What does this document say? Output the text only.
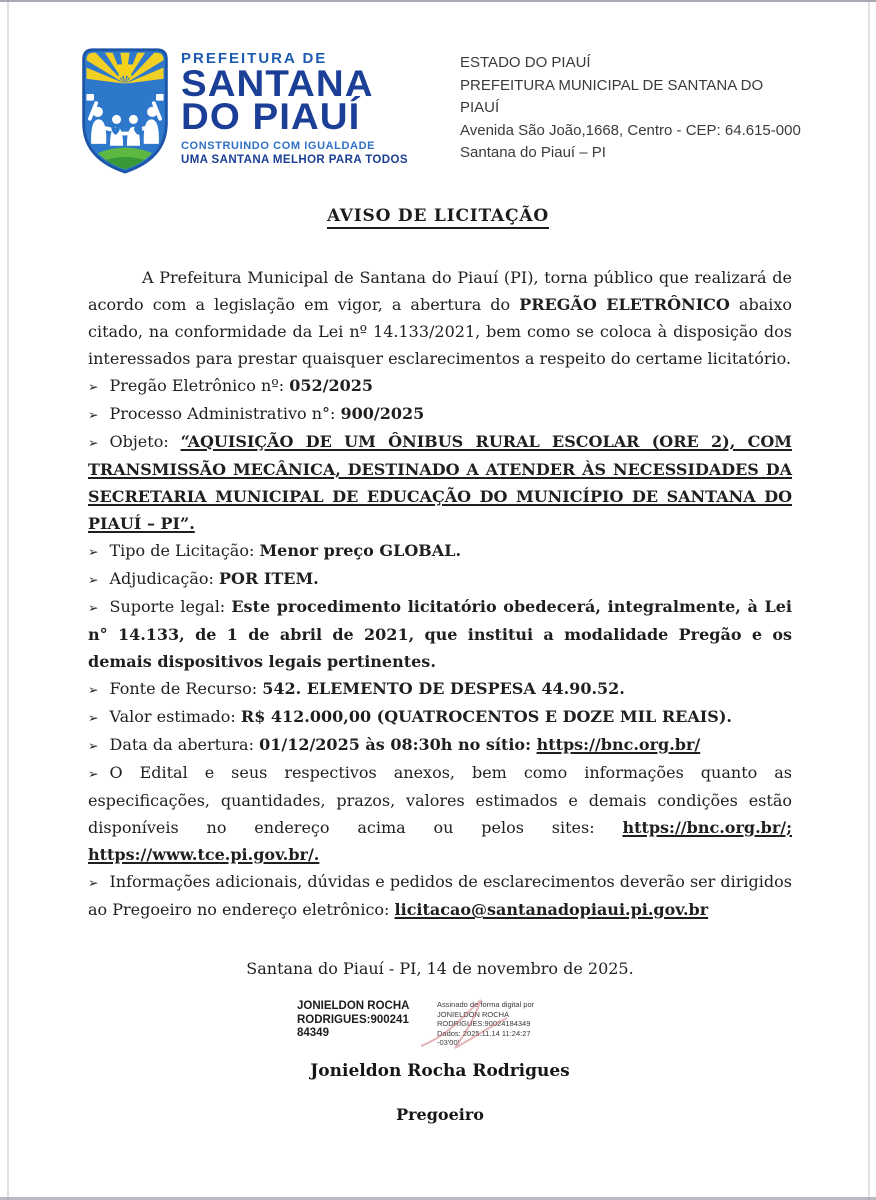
PREFEITURA DE
SANTANA
DO PIAUÍ
CONSTRUINDO COM IGUALDADE
UMA SANTANA MELHOR PARA TODOS
ESTADO DO PIAUÍ
PREFEITURA MUNICIPAL DE SANTANA DO PIAUÍ
Avenida São João,1668, Centro - CEP: 64.615-000
Santana do Piauí – PI
AVISO DE LICITAÇÃO

A Prefeitura Municipal de Santana do Piauí (PI), torna público que realizará de acordo com a legislação em vigor, a abertura do PREGÃO ELETRÔNICO abaixo citado, na conformidade da Lei nº 14.133/2021, bem como se coloca à disposição dos interessados para prestar quaisquer esclarecimentos a respeito do certame licitatório.

➢ Pregão Eletrônico nº: 052/2025

➢ Processo Administrativo n°: 900/2025

➢ Objeto: “AQUISIÇÃO DE UM ÔNIBUS RURAL ESCOLAR (ORE 2), COM TRANSMISSÃO MECÂNICA, DESTINADO A ATENDER ÀS NECESSIDADES DA SECRETARIA MUNICIPAL DE EDUCAÇÃO DO MUNICÍPIO DE SANTANA DO PIAUÍ – PI”.

➢ Tipo de Licitação: Menor preço GLOBAL.

➢ Adjudicação: POR ITEM.

➢ Suporte legal: Este procedimento licitatório obedecerá, integralmente, à Lei n° 14.133, de 1 de abril de 2021, que institui a modalidade Pregão e os demais dispositivos legais pertinentes.

➢ Fonte de Recurso: 542. ELEMENTO DE DESPESA 44.90.52.

➢ Valor estimado: R$ 412.000,00 (QUATROCENTOS E DOZE MIL REAIS).

➢ Data da abertura: 01/12/2025 às 08:30h no sítio: https://bnc.org.br/

➢ O Edital e seus respectivos anexos, bem como informações quanto as especificações, quantidades, prazos, valores estimados e demais condições estão disponíveis no endereço acima ou pelos sites: https://bnc.org.br/; https://www.tce.pi.gov.br/.

➢ Informações adicionais, dúvidas e pedidos de esclarecimentos deverão ser dirigidos ao Pregoeiro no endereço eletrônico: licitacao@santanadopiaui.pi.gov.br

Santana do Piauí - PI, 14 de novembro de 2025.

JONIELDON ROCHA
RODRIGUES:900241
84349
Assinado de forma digital por
JONIELDON ROCHA
RODRIGUES:90024184349
Dados: 2025.11.14 11:24:27
-03'00'
Jonieldon Rocha Rodrigues
Pregoeiro
